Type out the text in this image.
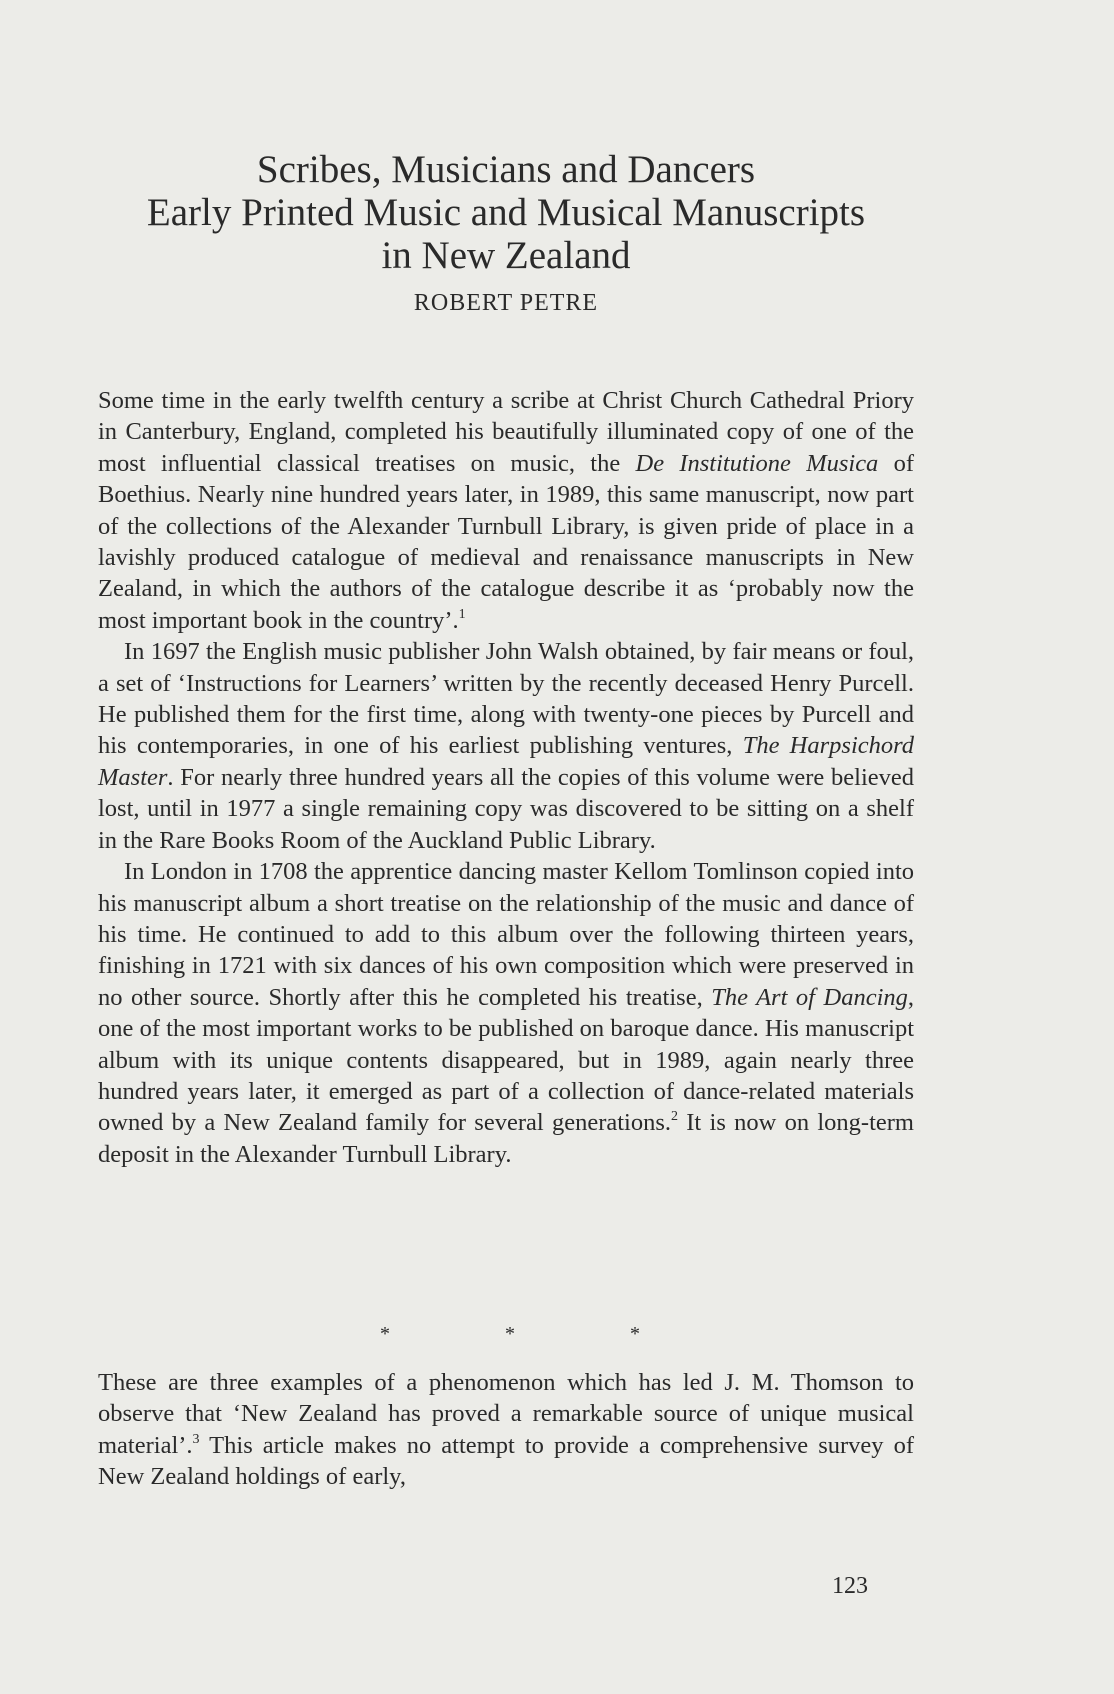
Scribes, Musicians and Dancers
Early Printed Music and Musical Manuscripts
in New Zealand
ROBERT PETRE

Some time in the early twelfth century a scribe at Christ Church Cathedral Priory in Canterbury, England, completed his beautifully illuminated copy of one of the most influential classical treatises on music, the De Institutione Musica of Boethius. Nearly nine hundred years later, in 1989, this same manuscript, now part of the collections of the Alexander Turnbull Library, is given pride of place in a lavishly produced catalogue of medieval and renaissance manuscripts in New Zealand, in which the authors of the catalogue describe it as ‘probably now the most important book in the country’.$^1$

In 1697 the English music publisher John Walsh obtained, by fair means or foul, a set of ‘Instructions for Learners’ written by the recently deceased Henry Purcell. He published them for the first time, along with twenty-one pieces by Purcell and his contemporaries, in one of his earliest publishing ventures, The Harpsichord Master. For nearly three hundred years all the copies of this volume were believed lost, until in 1977 a single remaining copy was discovered to be sitting on a shelf in the Rare Books Room of the Auckland Public Library.

In London in 1708 the apprentice dancing master Kellom Tomlinson copied into his manuscript album a short treatise on the relationship of the music and dance of his time. He continued to add to this album over the following thirteen years, finishing in 1721 with six dances of his own composition which were preserved in no other source. Shortly after this he completed his treatise, The Art of Dancing, one of the most important works to be published on baroque dance. His manuscript album with its unique contents disappeared, but in 1989, again nearly three hundred years later, it emerged as part of a collection of dance-related materials owned by a New Zealand family for several generations.$^2$ It is now on long-term deposit in the Alexander Turnbull Library.

*	*	*

These are three examples of a phenomenon which has led J. M. Thomson to observe that ‘New Zealand has proved a remarkable source of unique musical material’.$^3$ This article makes no attempt to provide a comprehensive survey of New Zealand holdings of early,

123
